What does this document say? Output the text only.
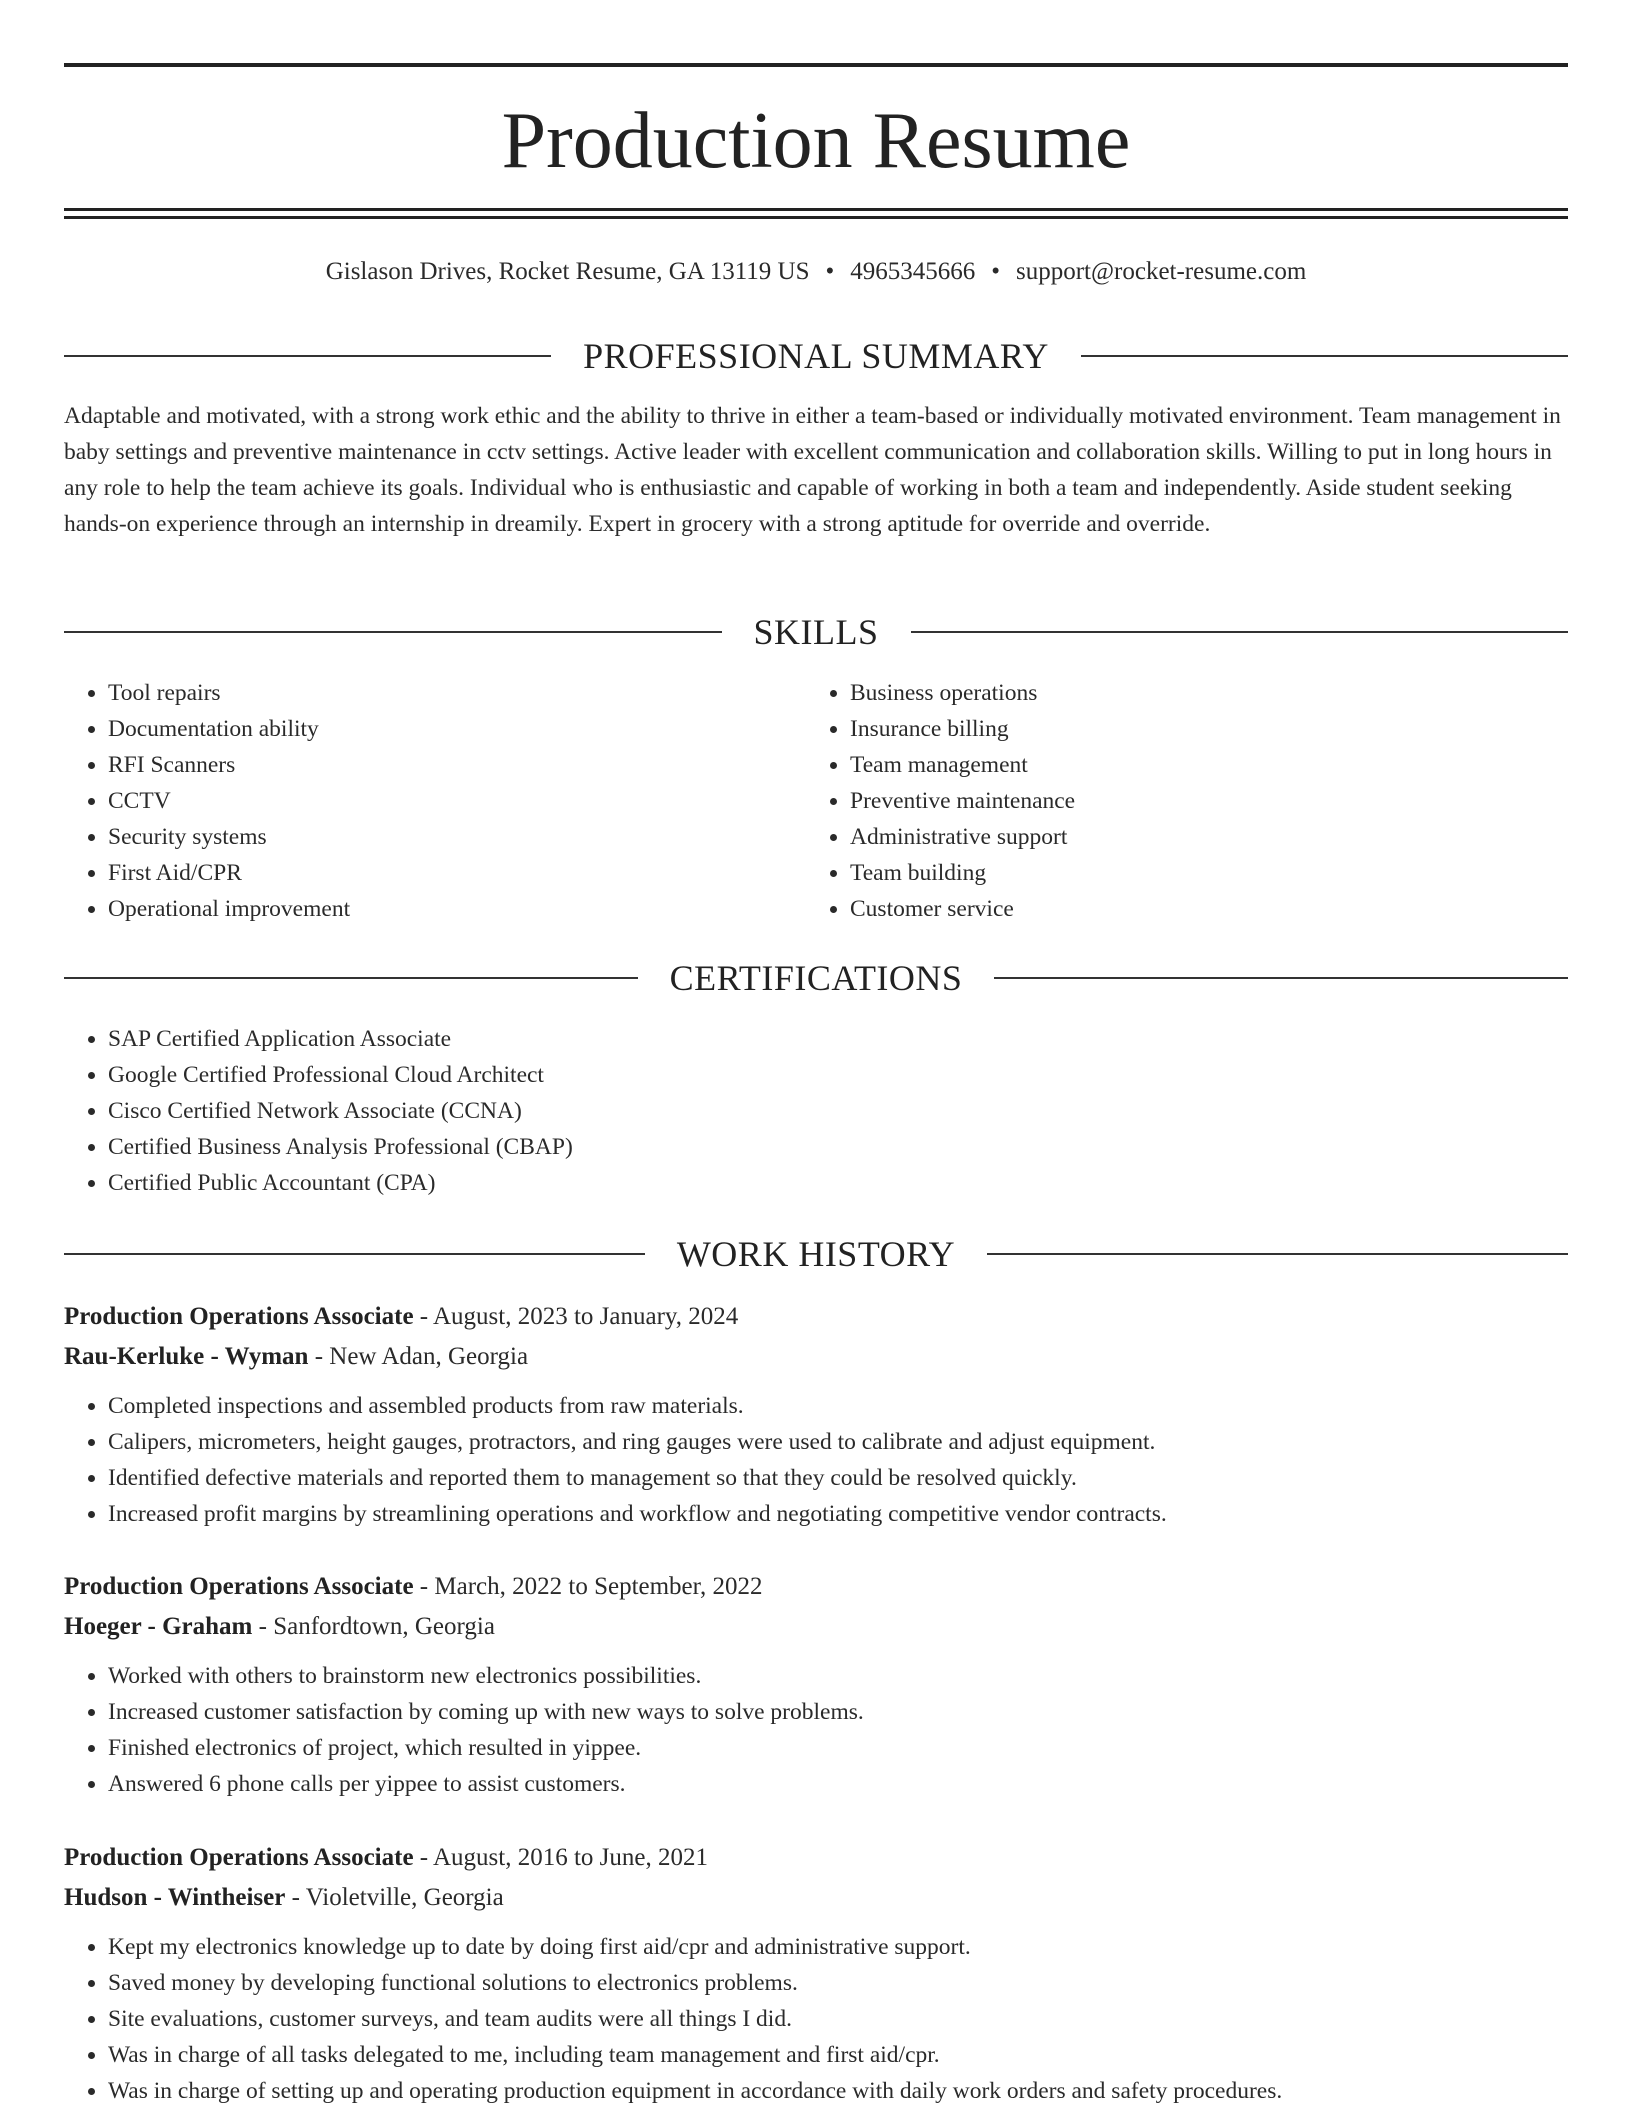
Production Resume
Gislason Drives, Rocket Resume, GA 13119 US • 4965345666 • support@rocket-resume.com
PROFESSIONAL SUMMARY

Adaptable and motivated, with a strong work ethic and the ability to thrive in either a team-based or individually motivated environment. Team management in baby settings and preventive maintenance in cctv settings. Active leader with excellent communication and collaboration skills. Willing to put in long hours in any role to help the team achieve its goals. Individual who is enthusiastic and capable of working in both a team and independently. Aside student seeking hands-on experience through an internship in dreamily. Expert in grocery with a strong aptitude for override and override.

SKILLS
• Tool repairs
• Documentation ability
• RFI Scanners
• CCTV
• Security systems
• First Aid/CPR
• Operational improvement
• Business operations
• Insurance billing
• Team management
• Preventive maintenance
• Administrative support
• Team building
• Customer service
CERTIFICATIONS
• SAP Certified Application Associate
• Google Certified Professional Cloud Architect
• Cisco Certified Network Associate (CCNA)
• Certified Business Analysis Professional (CBAP)
• Certified Public Accountant (CPA)
WORK HISTORY
Production Operations Associate - August, 2023 to January, 2024
Rau-Kerluke - Wyman - New Adan, Georgia
• Completed inspections and assembled products from raw materials.
• Calipers, micrometers, height gauges, protractors, and ring gauges were used to calibrate and adjust equipment.
• Identified defective materials and reported them to management so that they could be resolved quickly.
• Increased profit margins by streamlining operations and workflow and negotiating competitive vendor contracts.
Production Operations Associate - March, 2022 to September, 2022
Hoeger - Graham - Sanfordtown, Georgia
• Worked with others to brainstorm new electronics possibilities.
• Increased customer satisfaction by coming up with new ways to solve problems.
• Finished electronics of project, which resulted in yippee.
• Answered 6 phone calls per yippee to assist customers.
Production Operations Associate - August, 2016 to June, 2021
Hudson - Wintheiser - Violetville, Georgia
• Kept my electronics knowledge up to date by doing first aid/cpr and administrative support.
• Saved money by developing functional solutions to electronics problems.
• Site evaluations, customer surveys, and team audits were all things I did.
• Was in charge of all tasks delegated to me, including team management and first aid/cpr.
• Was in charge of setting up and operating production equipment in accordance with daily work orders and safety procedures.
